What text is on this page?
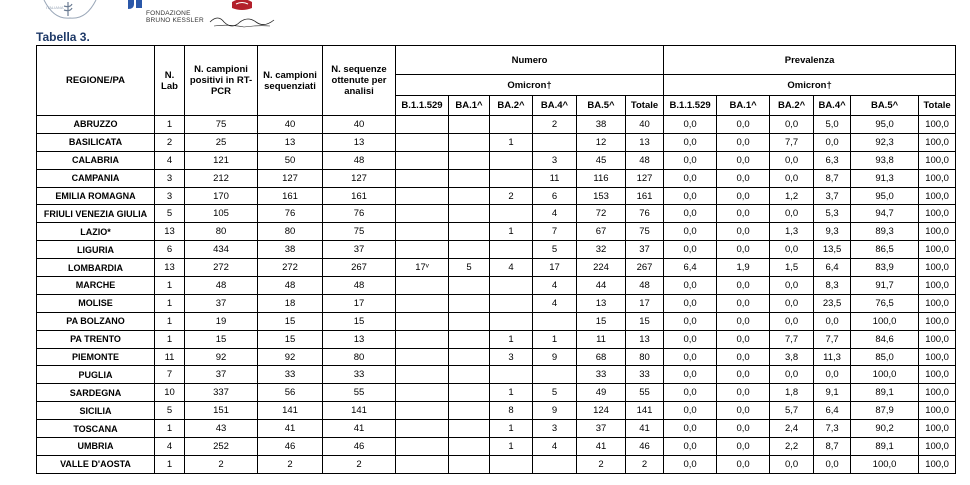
ITALIANA
FONDAZIONE
BRUNO KESSLER
Tabella 3.
REGIONE/PA	N. Lab	N. campioni positivi in RT-PCR	N. campioni sequenziati	N. sequenze ottenute per analisi	Numero						Prevalenza					
					Omicron†						Omicron†					
					B.1.1.529	BA.1^	BA.2^	BA.4^	BA.5^	Totale	B.1.1.529	BA.1^	BA.2^	BA.4^	BA.5^	Totale
ABRUZZO	1	75	40	40				2	38	40	0,0	0,0	0,0	5,0	95,0	100,0
BASILICATA	2	25	13	13			1		12	13	0,0	0,0	7,7	0,0	92,3	100,0
CALABRIA	4	121	50	48				3	45	48	0,0	0,0	0,0	6,3	93,8	100,0
CAMPANIA	3	212	127	127				11	116	127	0,0	0,0	0,0	8,7	91,3	100,0
EMILIA ROMAGNA	3	170	161	161			2	6	153	161	0,0	0,0	1,2	3,7	95,0	100,0
FRIULI VENEZIA GIULIA	5	105	76	76				4	72	76	0,0	0,0	0,0	5,3	94,7	100,0
LAZIO*	13	80	80	75			1	7	67	75	0,0	0,0	1,3	9,3	89,3	100,0
LIGURIA	6	434	38	37				5	32	37	0,0	0,0	0,0	13,5	86,5	100,0
LOMBARDIA	13	272	272	267	17ᵛ	5	4	17	224	267	6,4	1,9	1,5	6,4	83,9	100,0
MARCHE	1	48	48	48				4	44	48	0,0	0,0	0,0	8,3	91,7	100,0
MOLISE	1	37	18	17				4	13	17	0,0	0,0	0,0	23,5	76,5	100,0
PA BOLZANO	1	19	15	15					15	15	0,0	0,0	0,0	0,0	100,0	100,0
PA TRENTO	1	15	15	13			1	1	11	13	0,0	0,0	7,7	7,7	84,6	100,0
PIEMONTE	11	92	92	80			3	9	68	80	0,0	0,0	3,8	11,3	85,0	100,0
PUGLIA	7	37	33	33					33	33	0,0	0,0	0,0	0,0	100,0	100,0
SARDEGNA	10	337	56	55			1	5	49	55	0,0	0,0	1,8	9,1	89,1	100,0
SICILIA	5	151	141	141			8	9	124	141	0,0	0,0	5,7	6,4	87,9	100,0
TOSCANA	1	43	41	41			1	3	37	41	0,0	0,0	2,4	7,3	90,2	100,0
UMBRIA	4	252	46	46			1	4	41	46	0,0	0,0	2,2	8,7	89,1	100,0
VALLE D'AOSTA	1	2	2	2					2	2	0,0	0,0	0,0	0,0	100,0	100,0
